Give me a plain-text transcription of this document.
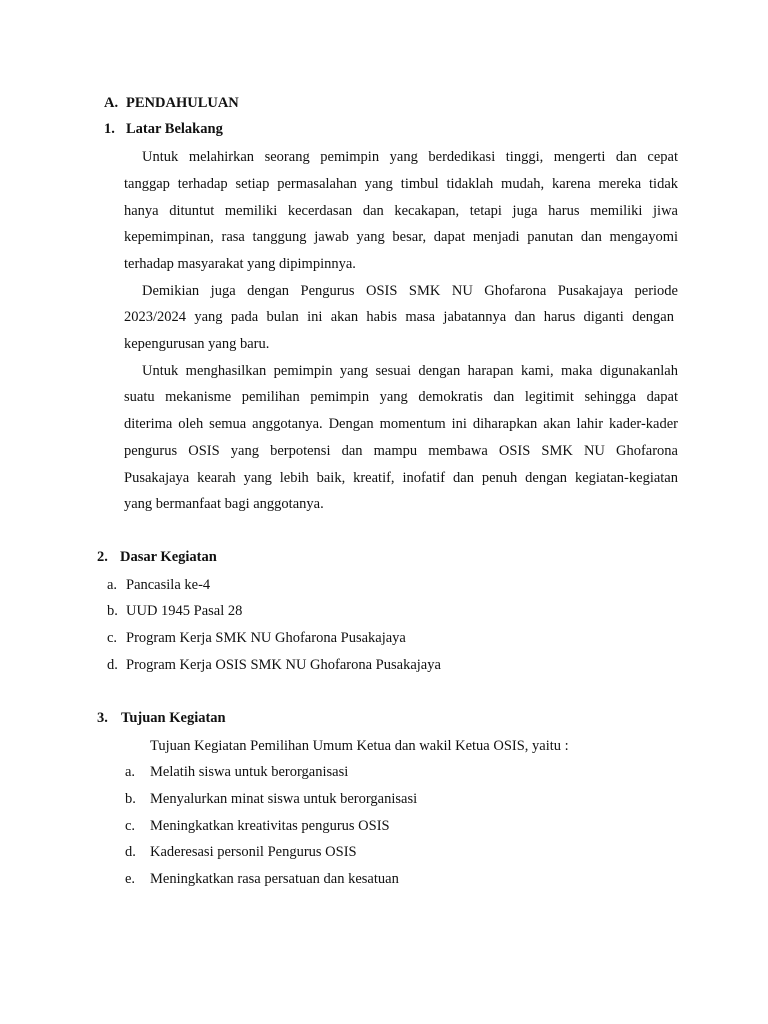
A. PENDAHULUAN
1. Latar Belakang
Untuk melahirkan seorang pemimpin yang berdedikasi tinggi, mengerti dan cepat
tanggap terhadap setiap permasalahan yang timbul tidaklah mudah, karena mereka tidak
hanya dituntut memiliki kecerdasan dan kecakapan, tetapi juga harus memiliki jiwa
kepemimpinan, rasa tanggung jawab yang besar, dapat menjadi panutan dan mengayomi
terhadap masyarakat yang dipimpinnya.
Demikian juga dengan Pengurus OSIS SMK NU Ghofarona Pusakajaya periode
2023/2024 yang pada bulan ini akan habis masa jabatannya dan harus diganti dengan
kepengurusan yang baru.
Untuk menghasilkan pemimpin yang sesuai dengan harapan kami, maka digunakanlah
suatu mekanisme pemilihan pemimpin yang demokratis dan legitimit sehingga dapat
diterima oleh semua anggotanya. Dengan momentum ini diharapkan akan lahir kader-kader
pengurus OSIS yang berpotensi dan mampu membawa OSIS SMK NU Ghofarona
Pusakajaya kearah yang lebih baik, kreatif, inofatif dan penuh dengan kegiatan-kegiatan
yang bermanfaat bagi anggotanya.
2. Dasar Kegiatan
a. Pancasila ke-4
b. UUD 1945 Pasal 28
c. Program Kerja SMK NU Ghofarona Pusakajaya
d. Program Kerja OSIS SMK NU Ghofarona Pusakajaya
3. Tujuan Kegiatan
Tujuan Kegiatan Pemilihan Umum Ketua dan wakil Ketua OSIS, yaitu :
a. Melatih siswa untuk berorganisasi
b. Menyalurkan minat siswa untuk berorganisasi
c. Meningkatkan kreativitas pengurus OSIS
d. Kaderesasi personil Pengurus OSIS
e. Meningkatkan rasa persatuan dan kesatuan
